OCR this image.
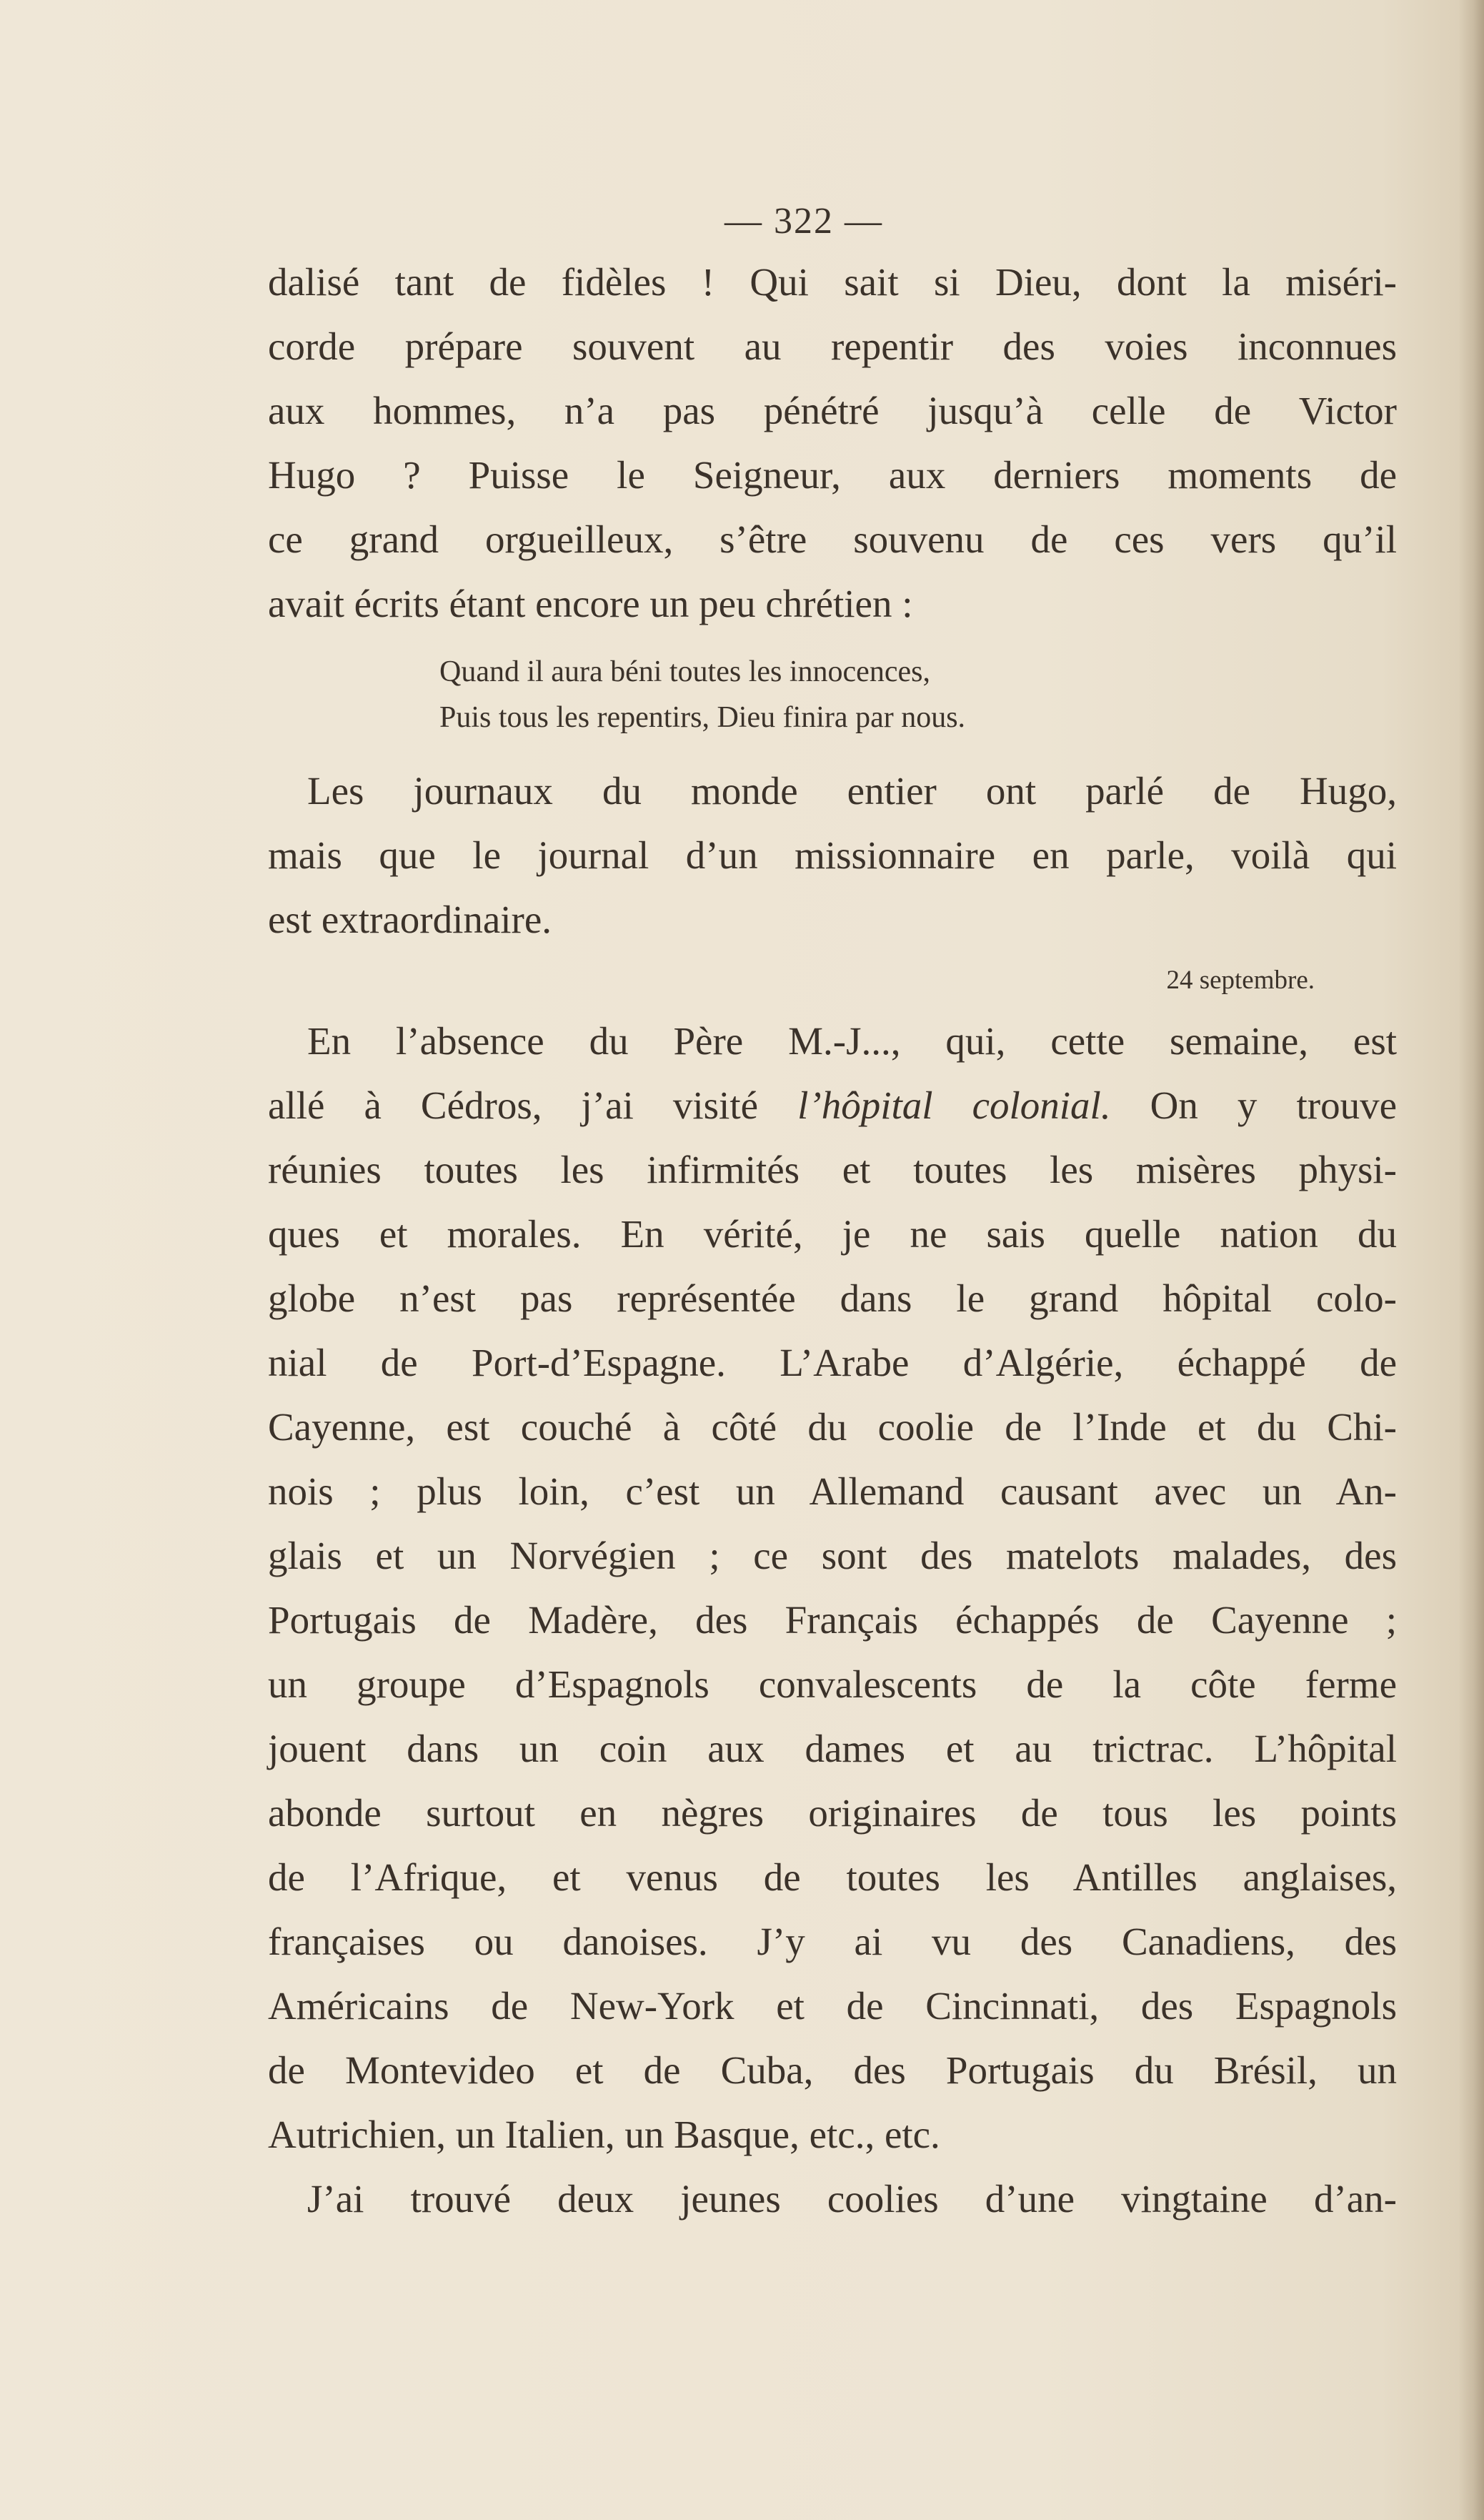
— 322 —
dalisé tant de fidèles ! Qui sait si Dieu, dont la miséri-
corde prépare souvent au repentir des voies inconnues
aux hommes, n’a pas pénétré jusqu’à celle de Victor
Hugo ? Puisse le Seigneur, aux derniers moments de
ce grand orgueilleux, s’être souvenu de ces vers qu’il
avait écrits étant encore un peu chrétien :
Quand il aura béni toutes les innocences,
Puis tous les repentirs, Dieu finira par nous.
Les journaux du monde entier ont parlé de Hugo,
mais que le journal d’un missionnaire en parle, voilà qui
est extraordinaire.
24 septembre.
En l’absence du Père M.-J..., qui, cette semaine, est
allé à Cédros, j’ai visité l’hôpital colonial. On y trouve
réunies toutes les infirmités et toutes les misères physi-
ques et morales. En vérité, je ne sais quelle nation du
globe n’est pas représentée dans le grand hôpital colo-
nial de Port-d’Espagne. L’Arabe d’Algérie, échappé de
Cayenne, est couché à côté du coolie de l’Inde et du Chi-
nois ; plus loin, c’est un Allemand causant avec un An-
glais et un Norvégien ; ce sont des matelots malades, des
Portugais de Madère, des Français échappés de Cayenne ;
un groupe d’Espagnols convalescents de la côte ferme
jouent dans un coin aux dames et au trictrac. L’hôpital
abonde surtout en nègres originaires de tous les points
de l’Afrique, et venus de toutes les Antilles anglaises,
françaises ou danoises. J’y ai vu des Canadiens, des
Américains de New-York et de Cincinnati, des Espagnols
de Montevideo et de Cuba, des Portugais du Brésil, un
Autrichien, un Italien, un Basque, etc., etc.
J’ai trouvé deux jeunes coolies d’une vingtaine d’an-
